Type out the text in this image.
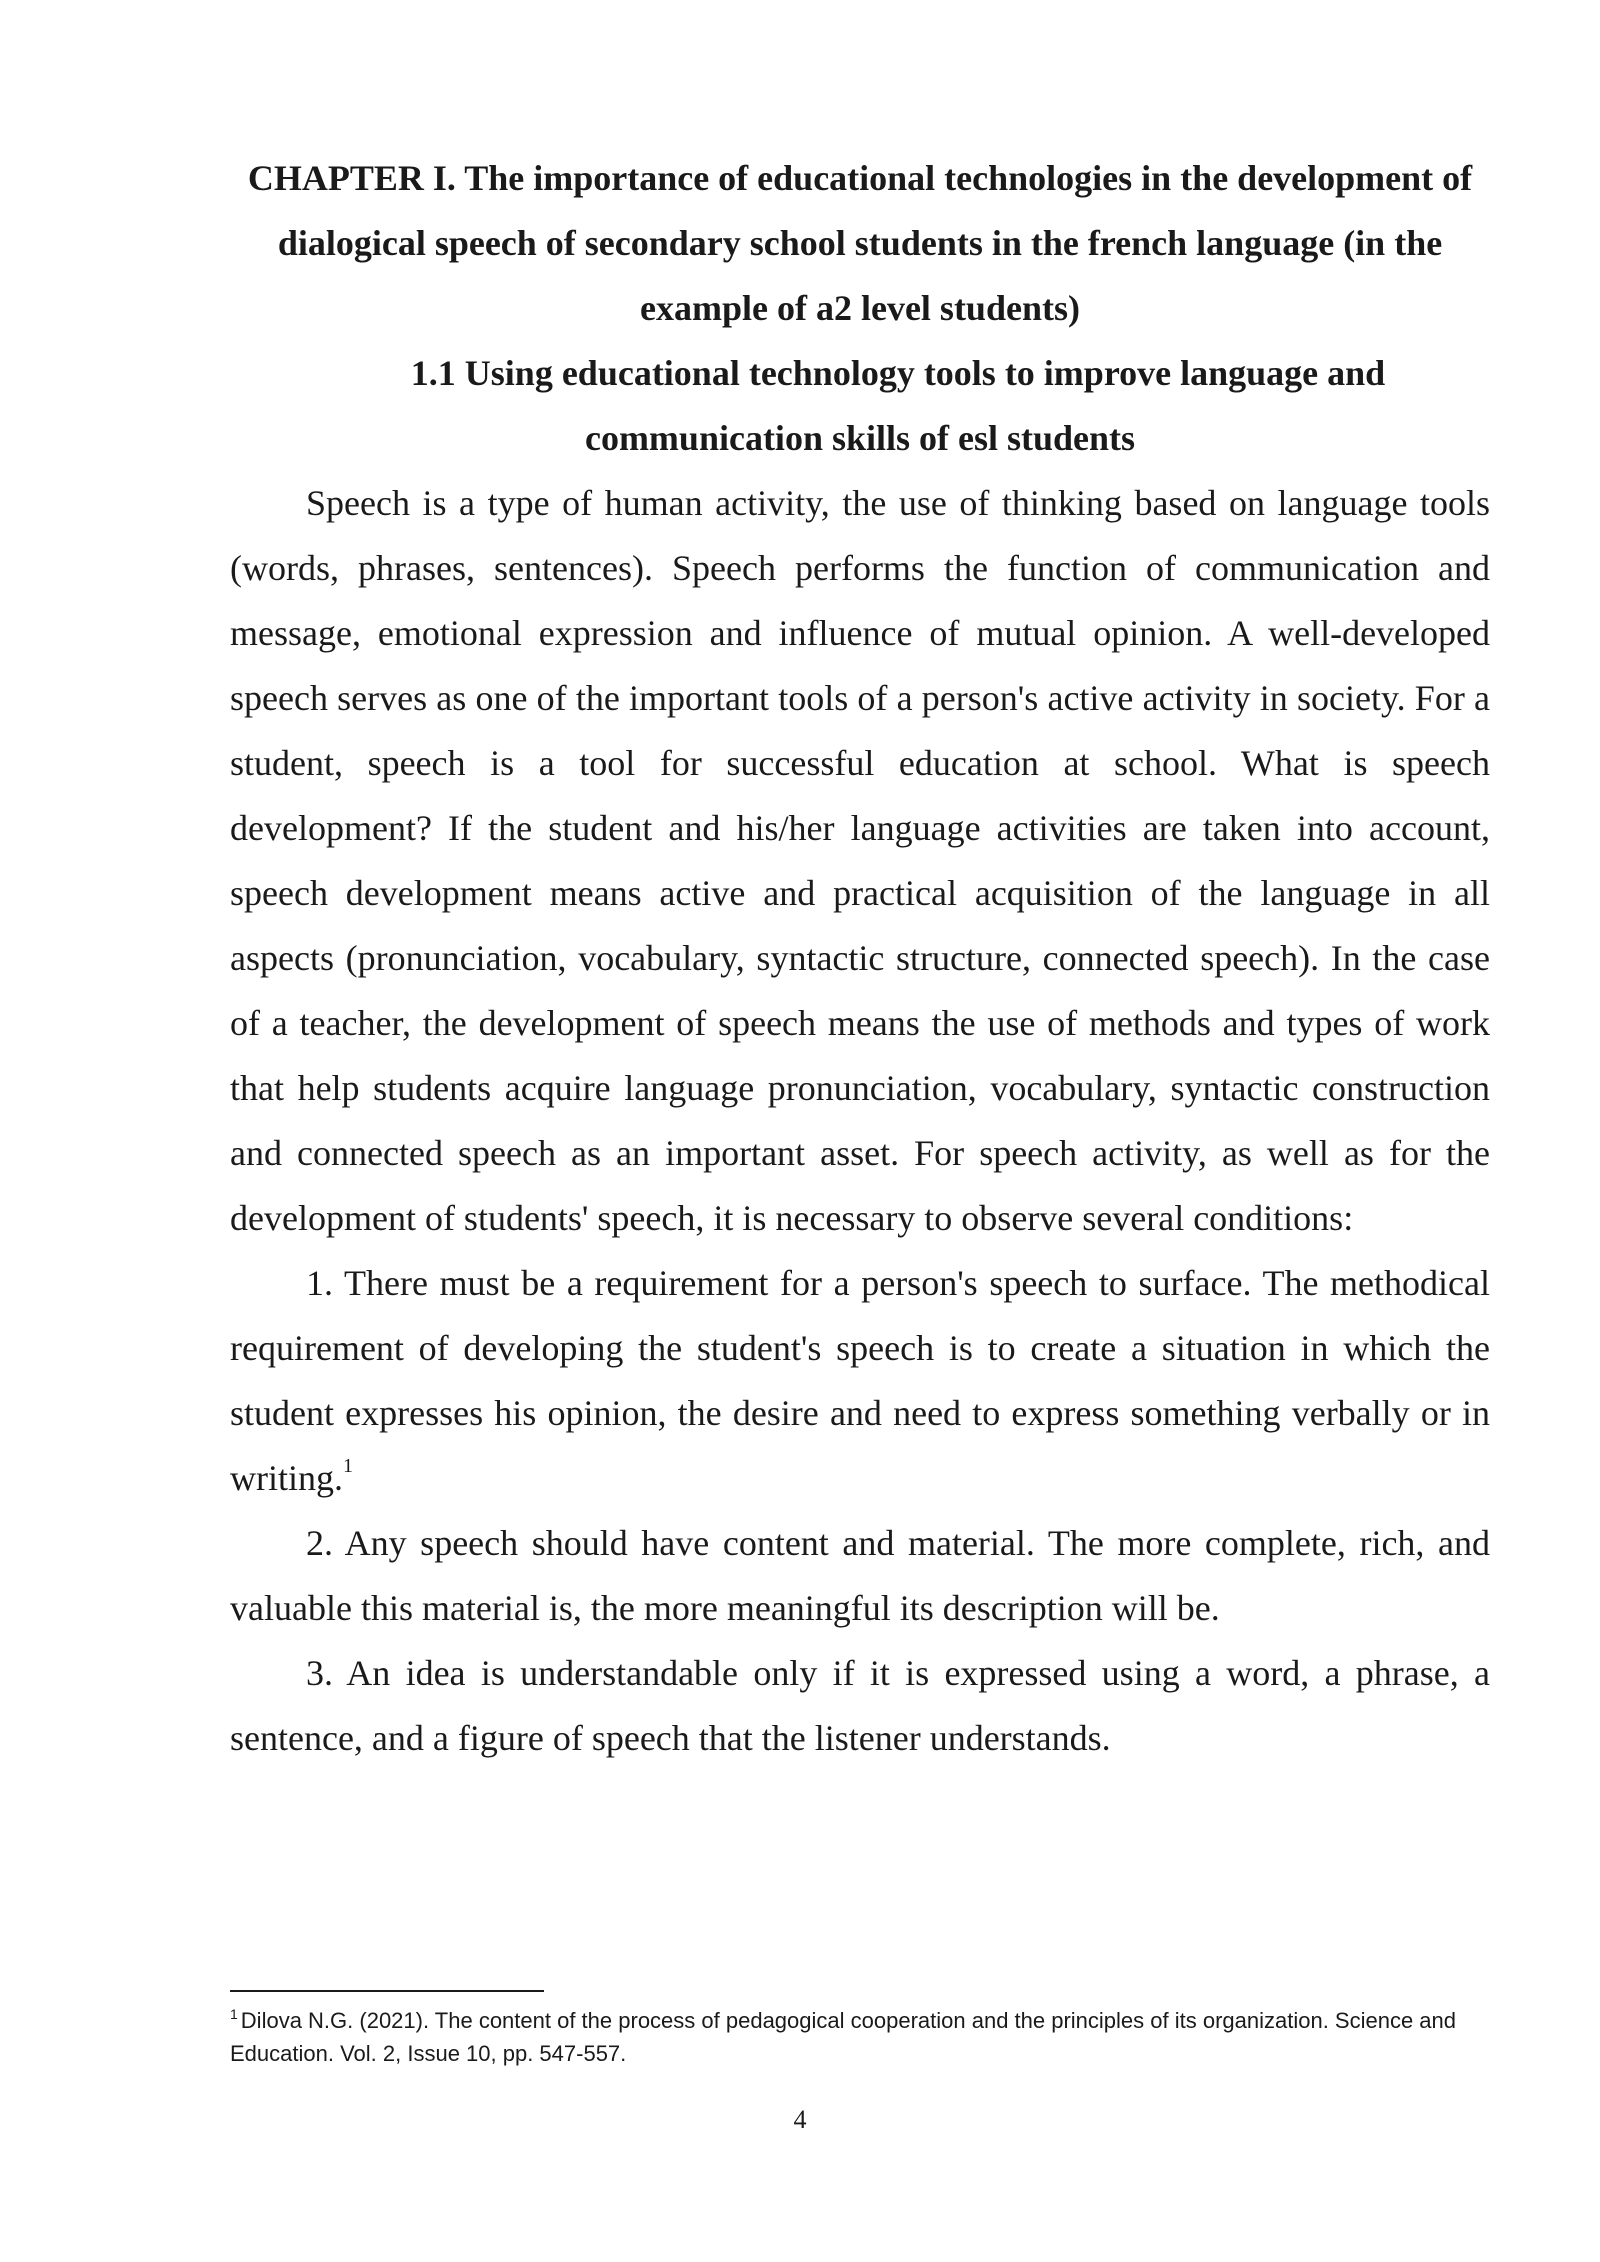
CHAPTER I. The importance of educational technologies in the development of dialogical speech of secondary school students in the french language (in the example of a2 level students)
1.1 Using educational technology tools to improve language and
communication skills of esl students

Speech is a type of human activity, the use of thinking based on language tools (words, phrases, sentences). Speech performs the function of communication and message, emotional expression and influence of mutual opinion. A well-developed speech serves as one of the important tools of a person's active activity in society. For a student, speech is a tool for successful education at school. What is speech development? If the student and his/her language activities are taken into account, speech development means active and practical acquisition of the language in all aspects (pronunciation, vocabulary, syntactic structure, connected speech). In the case of a teacher, the development of speech means the use of methods and types of work that help students acquire language pronunciation, vocabulary, syntactic construction and connected speech as an important asset. For speech activity, as well as for the development of students' speech, it is necessary to observe several conditions:

1. There must be a requirement for a person's speech to surface. The methodical requirement of developing the student's speech is to create a situation in which the student expresses his opinion, the desire and need to express something verbally or in writing.$^1$

2. Any speech should have content and material. The more complete, rich, and valuable this material is, the more meaningful its description will be.

3. An idea is understandable only if it is expressed using a word, a phrase, a sentence, and a figure of speech that the listener understands.

$^1$ Dilova N.G. (2021). The content of the process of pedagogical cooperation and the principles of its organization. Science and Education. Vol. 2, Issue 10, pp. 547-557.

4
